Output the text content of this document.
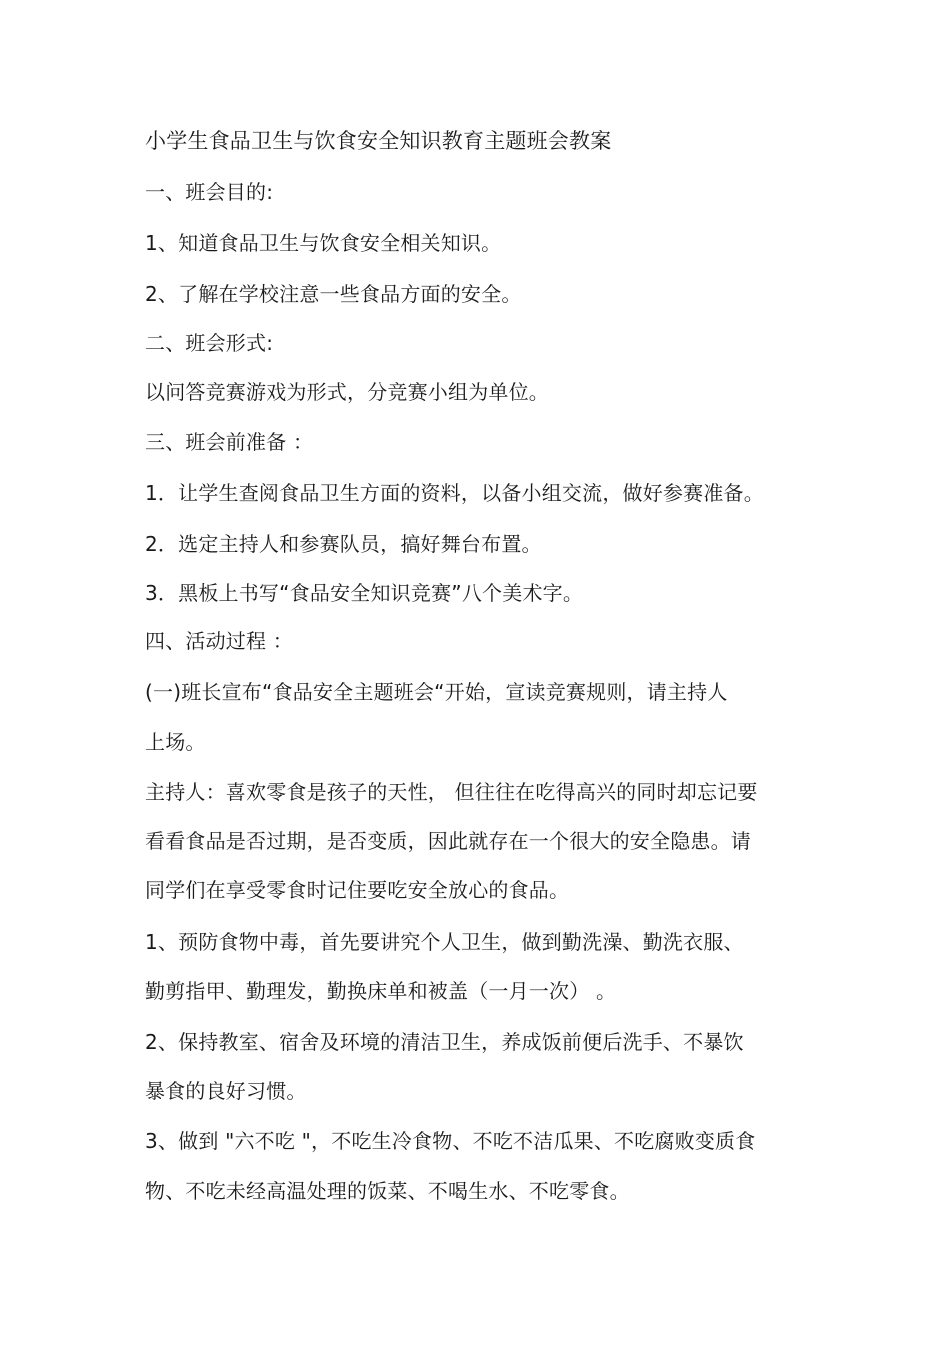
小学生食品卫生与饮食安全知识教育主题班会教案
一、班会目的:
1、知道食品卫生与饮食安全相关知识。
2、了解在学校注意一些食品方面的安全。
二、班会形式:
以问答竞赛游戏为形式，分竞赛小组为单位。
三、班会前准备 ：
1．让学生查阅食品卫生方面的资料，以备小组交流，做好参赛准备。
2．选定主持人和参赛队员，搞好舞台布置。
3．黑板上书写“食品安全知识竞赛”八个美术字。
四、活动过程 ：
(一)班长宣布“食品安全主题班会“开始，宣读竞赛规则，请主持人
上场。
主持人：喜欢零食是孩子的天性， 但往往在吃得高兴的同时却忘记要
看看食品是否过期，是否变质，因此就存在一个很大的安全隐患。请
同学们在享受零食时记住要吃安全放心的食品。
1、预防食物中毒，首先要讲究个人卫生，做到勤洗澡、勤洗衣服、
勤剪指甲、勤理发，勤换床单和被盖（一月一次） 。
2、保持教室、宿舍及环境的清洁卫生，养成饭前便后洗手、不暴饮
暴食的良好习惯。
3、做到 "六不吃 "，不吃生冷食物、不吃不洁瓜果、不吃腐败变质食
物、不吃未经高温处理的饭菜、不喝生水、不吃零食。
